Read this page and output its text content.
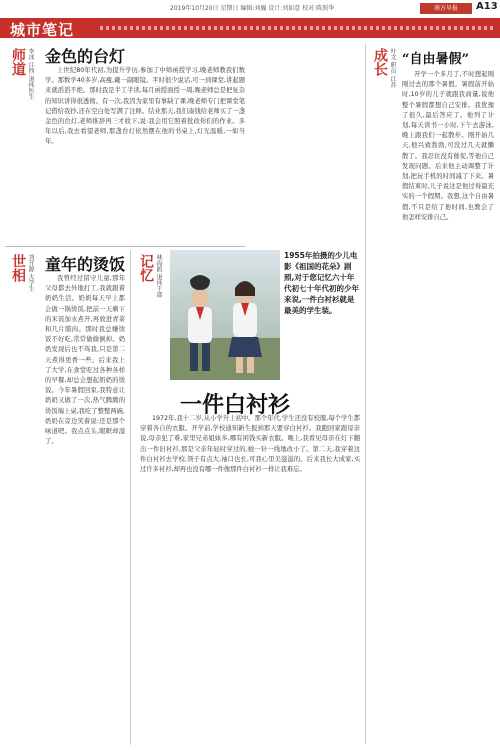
2019年10月20日 星期日 编辑:刘巍 设计:刘如意 校对:陈照华	南方早报	A13
城市笔记
师道 李冰 江西 退休医生 金色的台灯

上世纪80年代初,为提升学历,参加了中师函授学习,晚老师教我们数学。那数学40多岁,高瘦,戴一副眼镜。平时很少说话,可一到课堂,讲起题来就滔滔不绝。那时我是半工半读,每月函授面授一周,晚老师总是把复杂的知识讲得很透彻。有一次,我因为家里有事缺了课,晚老师专门把课堂笔记借给我抄,还在空白处写满了注释。结业那天,我们凑钱给老师买了一盏金色的台灯,老师推辞再三才收下,说:我会用它照着批改你们的作业。多年以后,我去看望老师,那盏台灯依然摆在他的书桌上,灯光温暖,一如当年。

世相 刘开源 大学生 童年的烫饭

我曾经过留守儿童,那年父母都去外地打工,我就跟着奶奶生活。奶奶每天早上都会做一锅烫饭,把前一天剩下的米饭加水煮开,再放进青菜和几片腊肉。那时我总嫌烫饭不好吃,常常偷偷倒掉。奶奶发现后也不骂我,只是第二天煮得更香一些。后来我上了大学,在食堂吃过各种各样的早餐,却总会想起奶奶的烫饭。今年暑假回家,我特意让奶奶又做了一次,热气腾腾的烫饭端上桌,我吃了整整两碗,奶奶在旁边笑着说:还是那个味道吧。我点点头,眼眶却湿了。

记忆 林海鸥 退休干部	1955年拍摄的少儿电影《祖国的花朵》剧照,对于您记忆六十年代初七十年代初的少年来说,一件白衬衫就是最美的学生装。
一件白衬衫

1972年,我十二岁,从小学升上初中。那个年代,学生还没有校服,每个学生都穿着各自的衣服。开学前,学校通知新生报到那天要穿白衬衫。我跑回家跟母亲说,母亲犯了难,家里兄弟姐妹多,哪有闲钱买新衣服。晚上,我看见母亲在灯下翻出一件旧衬衫,那是父亲年轻时穿过的,她一针一线地改小了。第二天,我穿着这件白衬衫去学校,领子有点大,袖口也长,可我心里美滋滋的。后来我长大成家,买过许多衬衫,却再也没有哪一件像那件白衬衫一样让我难忘。

成长 叶文 职员 江苏 “自由暑假”

开学一个多月了,不时想起刚刚过去的那个暑假。暑假前开始时,10岁的儿子就跟我商量,说他整个暑假都想自己安排。我犹豫了很久,最后答应了。他列了计划,每天读书一小时,下午去游泳,晚上跟我们一起散步。刚开始几天,他兴致勃勃,可没过几天就懒散了。我忍住没有催促,等他自己发现问题。后来他主动调整了计划,把玩手机的时间减了下来。暑假结束时,儿子说这是他过得最充实的一个假期。我想,这个自由暑假,不只是给了他时间,也教会了他怎样安排自己。
